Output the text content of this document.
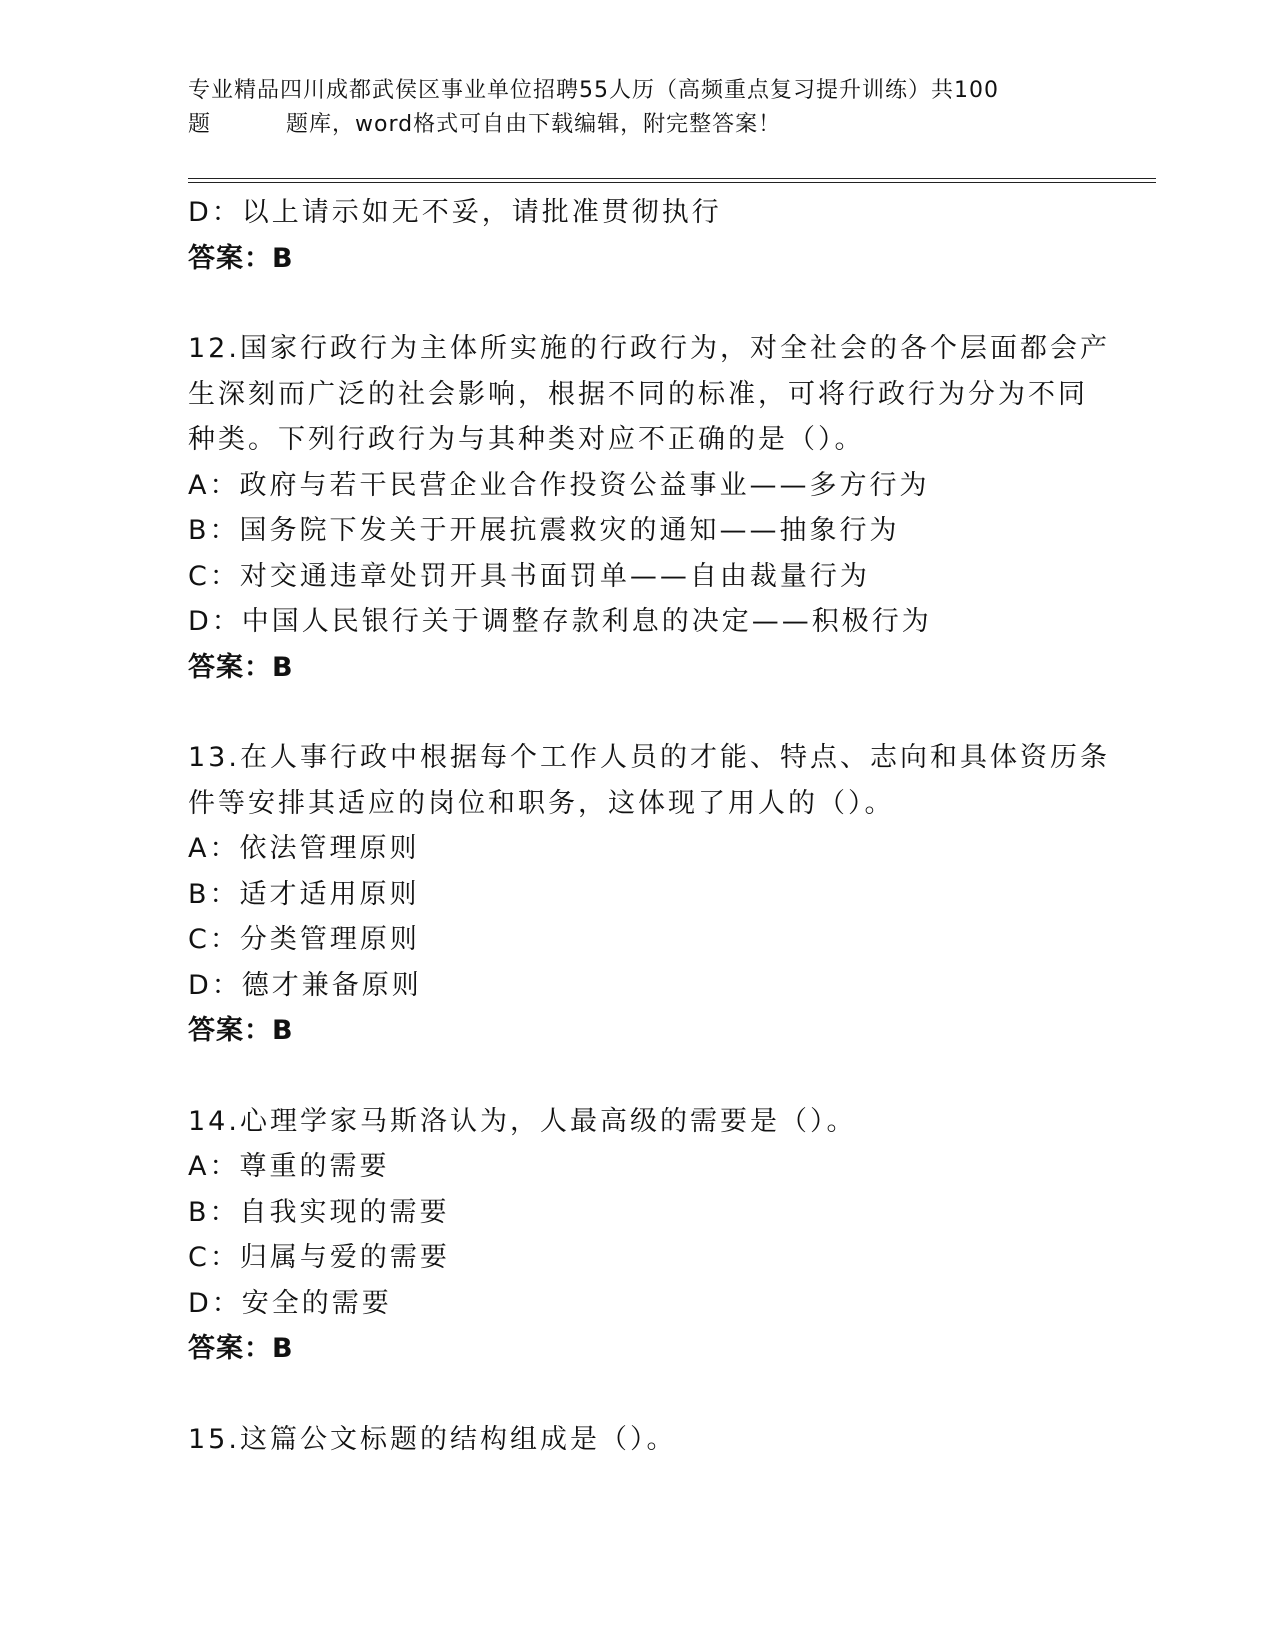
专业精品四川成都武侯区事业单位招聘55人历（高频重点复习提升训练）共100
题	题库，word格式可自由下载编辑，附完整答案！
D：以上请示如无不妥，请批准贯彻执行
答案：B
12.国家行政行为主体所实施的行政行为，对全社会的各个层面都会产
生深刻而广泛的社会影响，根据不同的标准，可将行政行为分为不同
种类。下列行政行为与其种类对应不正确的是（）。
A：政府与若干民营企业合作投资公益事业——多方行为
B：国务院下发关于开展抗震救灾的通知——抽象行为
C：对交通违章处罚开具书面罚单——自由裁量行为
D：中国人民银行关于调整存款利息的决定——积极行为
答案：B
13.在人事行政中根据每个工作人员的才能、特点、志向和具体资历条
件等安排其适应的岗位和职务，这体现了用人的（）。
A：依法管理原则
B：适才适用原则
C：分类管理原则
D：德才兼备原则
答案：B
14.心理学家马斯洛认为，人最高级的需要是（）。
A：尊重的需要
B：自我实现的需要
C：归属与爱的需要
D：安全的需要
答案：B
15.这篇公文标题的结构组成是（）。
